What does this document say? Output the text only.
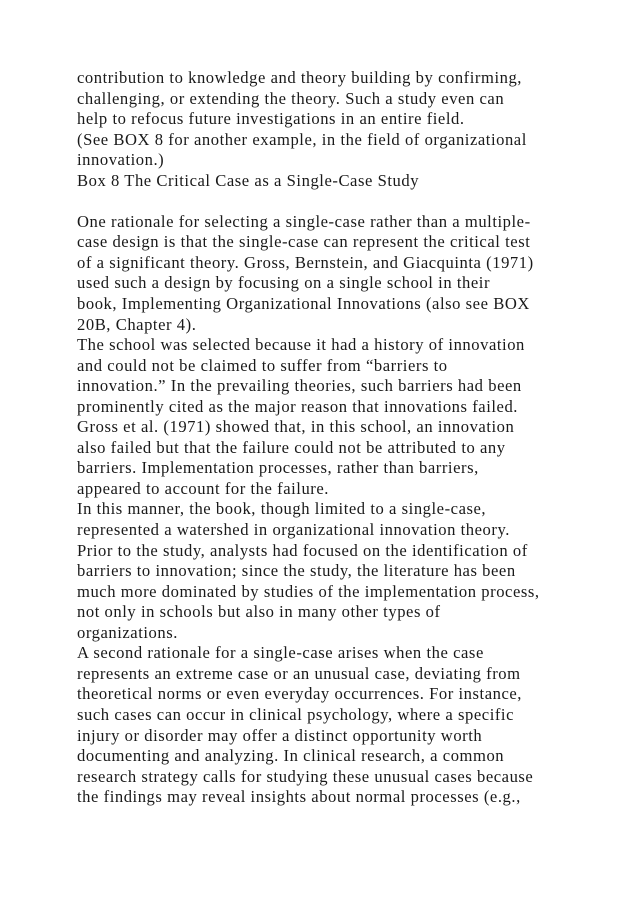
contribution to knowledge and theory building by confirming,
challenging, or extending the theory. Such a study even can
help to refocus future investigations in an entire field.
(See BOX 8 for another example, in the field of organizational
innovation.)
Box 8 The Critical Case as a Single-Case Study
One rationale for selecting a single-case rather than a multiple-
case design is that the single-case can represent the critical test
of a significant theory. Gross, Bernstein, and Giacquinta (1971)
used such a design by focusing on a single school in their
book, Implementing Organizational Innovations (also see BOX
20B, Chapter 4).
The school was selected because it had a history of innovation
and could not be claimed to suffer from “barriers to
innovation.” In the prevailing theories, such barriers had been
prominently cited as the major reason that innovations failed.
Gross et al. (1971) showed that, in this school, an innovation
also failed but that the failure could not be attributed to any
barriers. Implementation processes, rather than barriers,
appeared to account for the failure.
In this manner, the book, though limited to a single-case,
represented a watershed in organizational innovation theory.
Prior to the study, analysts had focused on the identification of
barriers to innovation; since the study, the literature has been
much more dominated by studies of the implementation process,
not only in schools but also in many other types of
organizations.
A second rationale for a single-case arises when the case
represents an extreme case or an unusual case, deviating from
theoretical norms or even everyday occurrences. For instance,
such cases can occur in clinical psychology, where a specific
injury or disorder may offer a distinct opportunity worth
documenting and analyzing. In clinical research, a common
research strategy calls for studying these unusual cases because
the findings may reveal insights about normal processes (e.g.,
